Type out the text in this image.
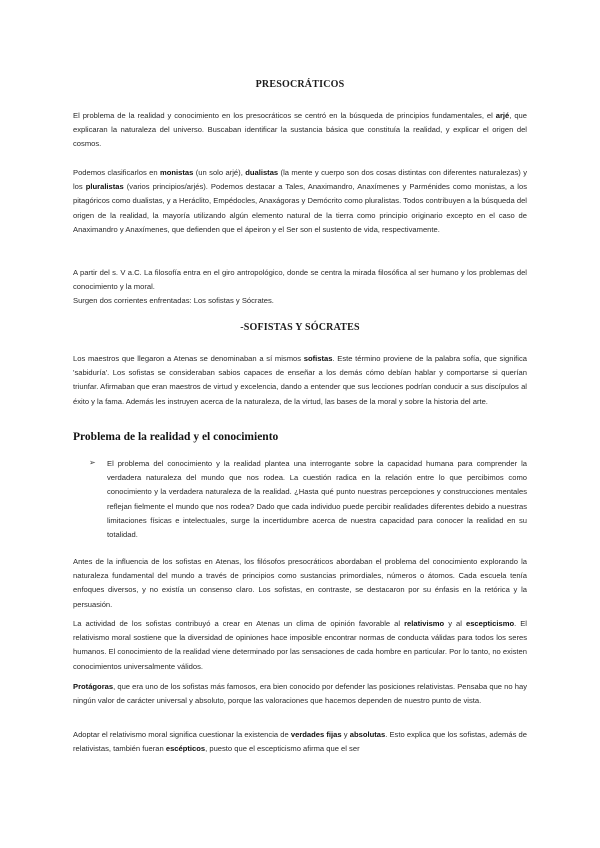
PRESOCRÁTICOS
El problema de la realidad y conocimiento en los presocráticos se centró en la búsqueda de principios fundamentales, el arjé, que explicaran la naturaleza del universo. Buscaban identificar la sustancia básica que constituía la realidad, y explicar el origen del cosmos.
Podemos clasificarlos en monistas (un solo arjé), dualistas (la mente y cuerpo son dos cosas distintas con diferentes naturalezas) y los pluralistas (varios principios/arjés). Podemos destacar a Tales, Anaximandro, Anaxímenes y Parménides como monistas, a los pitagóricos como dualistas, y a Heráclito, Empédocles, Anaxágoras y Demócrito como pluralistas. Todos contribuyen a la búsqueda del origen de la realidad, la mayoría utilizando algún elemento natural de la tierra como principio originario excepto en el caso de Anaximandro y Anaxímenes, que defienden que el ápeiron y el Ser son el sustento de vida, respectivamente.
A partir del s. V a.C. La filosofía entra en el giro antropológico, donde se centra la mirada filosófica al ser humano y los problemas del conocimiento y la moral.
Surgen dos corrientes enfrentadas: Los sofistas y Sócrates.
-SOFISTAS Y SÓCRATES
Los maestros que llegaron a Atenas se denominaban a sí mismos sofistas. Este término proviene de la palabra sofía, que significa 'sabiduría'. Los sofistas se consideraban sabios capaces de enseñar a los demás cómo debían hablar y comportarse si querían triunfar. Afirmaban que eran maestros de virtud y excelencia, dando a entender que sus lecciones podrían conducir a sus discípulos al éxito y la fama. Además les instruyen acerca de la naturaleza, de la virtud, las bases de la moral y sobre la historia del arte.
Problema de la realidad y el conocimiento
➢ El problema del conocimiento y la realidad plantea una interrogante sobre la capacidad humana para comprender la verdadera naturaleza del mundo que nos rodea. La cuestión radica en la relación entre lo que percibimos como conocimiento y la verdadera naturaleza de la realidad. ¿Hasta qué punto nuestras percepciones y construcciones mentales reflejan fielmente el mundo que nos rodea? Dado que cada individuo puede percibir realidades diferentes debido a nuestras limitaciones físicas e intelectuales, surge la incertidumbre acerca de nuestra capacidad para conocer la realidad en su totalidad.
Antes de la influencia de los sofistas en Atenas, los filósofos presocráticos abordaban el problema del conocimiento explorando la naturaleza fundamental del mundo a través de principios como sustancias primordiales, números o átomos. Cada escuela tenía enfoques diversos, y no existía un consenso claro. Los sofistas, en contraste, se destacaron por su énfasis en la retórica y la persuasión.
La actividad de los sofistas contribuyó a crear en Atenas un clima de opinión favorable al relativismo y al escepticismo. El relativismo moral sostiene que la diversidad de opiniones hace imposible encontrar normas de conducta válidas para todos los seres humanos. El conocimiento de la realidad viene determinado por las sensaciones de cada hombre en particular. Por lo tanto, no existen conocimientos universalmente válidos.
Protágoras, que era uno de los sofistas más famosos, era bien conocido por defender las posiciones relativistas. Pensaba que no hay ningún valor de carácter universal y absoluto, porque las valoraciones que hacemos dependen de nuestro punto de vista.
Adoptar el relativismo moral significa cuestionar la existencia de verdades fijas y absolutas. Esto explica que los sofistas, además de relativistas, también fueran escépticos, puesto que el escepticismo afirma que el ser
